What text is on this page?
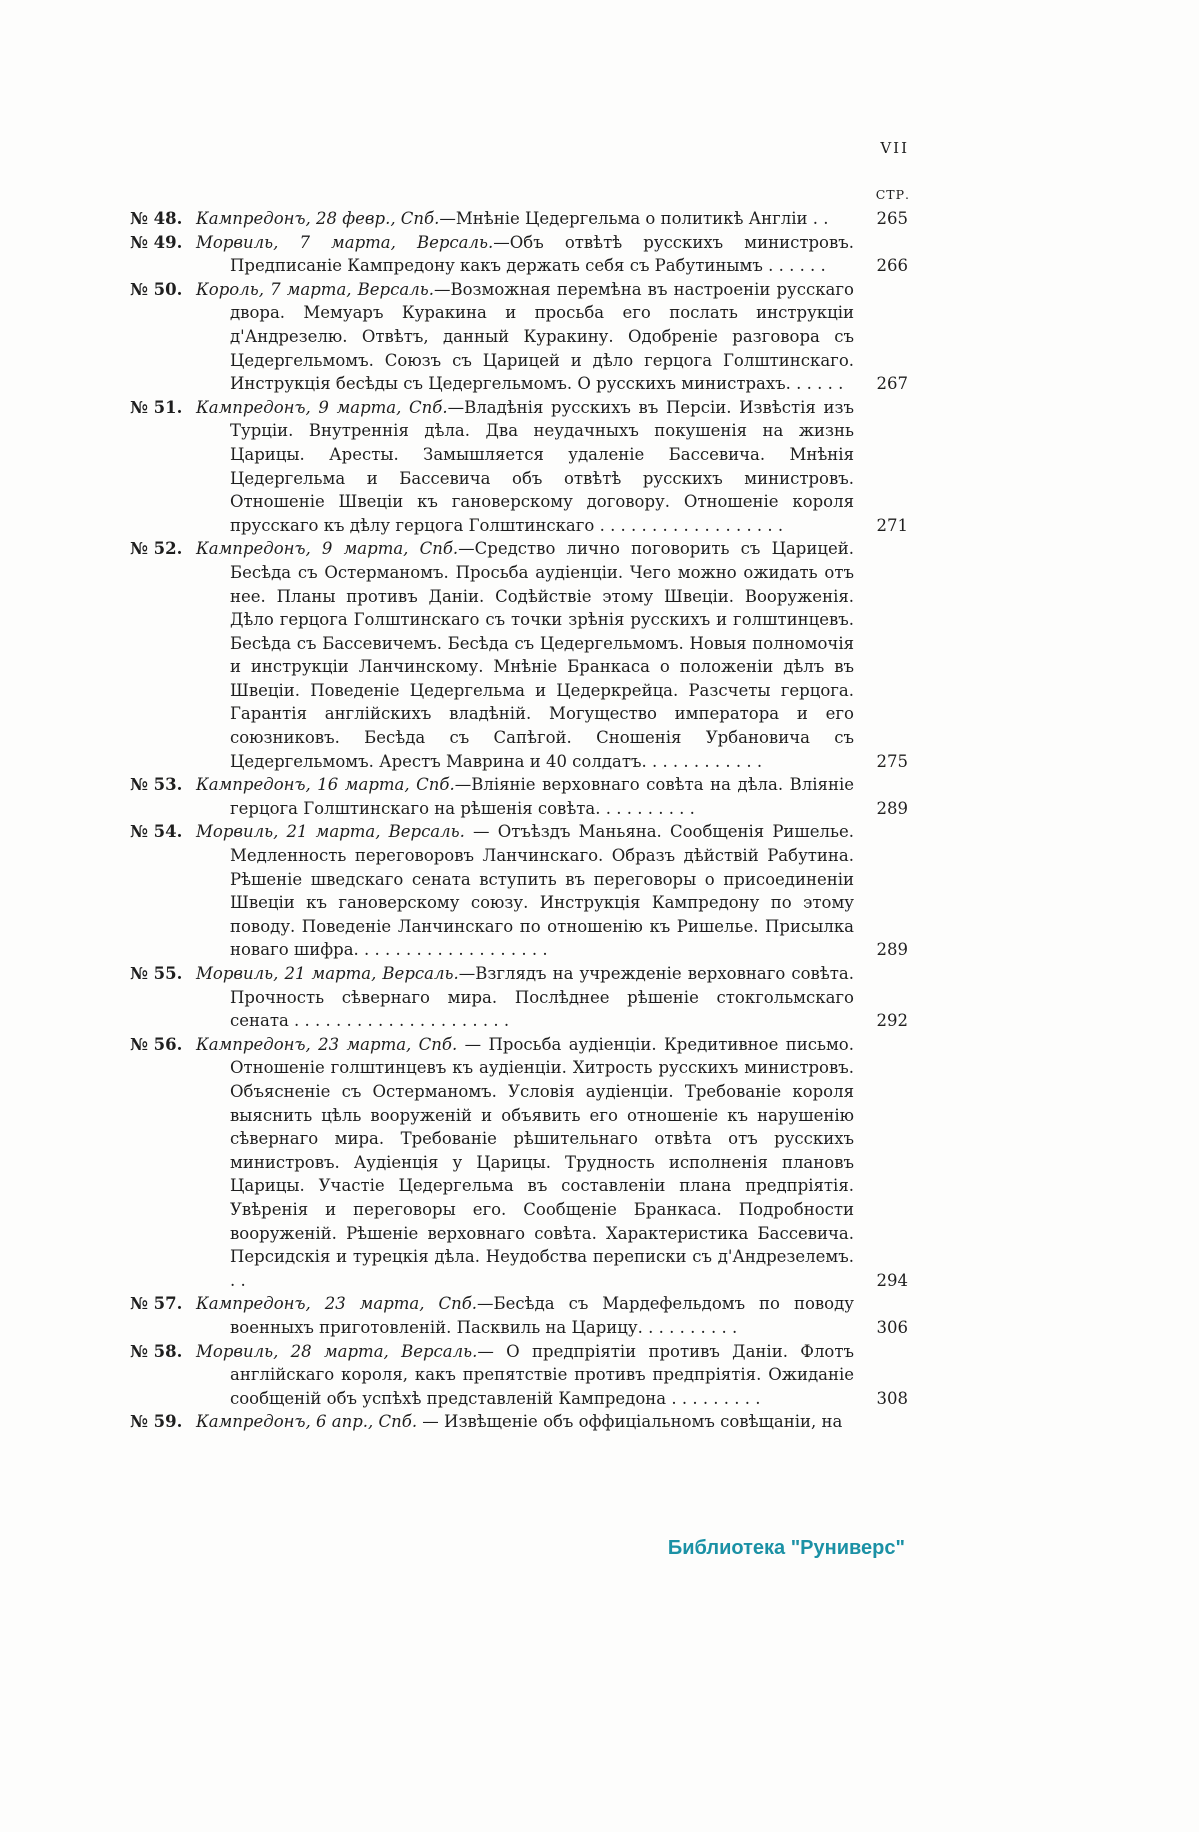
VII
СТР.
№ 48. Кампредонъ, 28 февр., Спб.—Мнѣніе Цедергельма о политикѣ Англіи . .	265
№ 49. Морвиль, 7 марта, Версаль.—Объ отвѣтѣ русскихъ министровъ. Предписаніе Кампредону какъ держать себя съ Рабутинымъ . . . . . .	266
№ 50. Король, 7 марта, Версаль.—Возможная перемѣна въ настроеніи русскаго двора. Мемуаръ Куракина и просьба его послать инструкціи д'Андрезелю. Отвѣтъ, данный Куракину. Одобреніе разговора съ Цедергельмомъ. Союзъ съ Царицей и дѣло герцога Голштинскаго. Инструкція бесѣды съ Цедергельмомъ. О русскихъ министрахъ. . . . . .	267
№ 51. Кампредонъ, 9 марта, Спб.—Владѣнія русскихъ въ Персіи. Извѣстія изъ Турціи. Внутреннія дѣла. Два неудачныхъ покушенія на жизнь Царицы. Аресты. Замышляется удаленіе Бассевича. Мнѣнія Цедергельма и Бассевича объ отвѣтѣ русскихъ министровъ. Отношеніе Швеціи къ гановерскому договору. Отношеніе короля прусскаго къ дѣлу герцога Голштинскаго . . . . . . . . . . . . . . . . . .	271
№ 52. Кампредонъ, 9 марта, Спб.—Средство лично поговорить съ Царицей. Бесѣда съ Остерманомъ. Просьба аудіенціи. Чего можно ожидать отъ нее. Планы противъ Даніи. Содѣйствіе этому Швеціи. Вооруженія. Дѣло герцога Голштинскаго съ точки зрѣнія русскихъ и голштинцевъ. Бесѣда съ Бассевичемъ. Бесѣда съ Цедергельмомъ. Новыя полномочія и инструкціи Ланчинскому. Мнѣніе Бранкаса о положеніи дѣлъ въ Швеціи. Поведеніе Цедергельма и Цедеркрейца. Разсчеты герцога. Гарантія англійскихъ владѣній. Могущество императора и его союзниковъ. Бесѣда съ Сапѣгой. Сношенія Урбановича съ Цедергельмомъ. Арестъ Маврина и 40 солдатъ. . . . . . . . . . . .	275
№ 53. Кампредонъ, 16 марта, Спб.—Вліяніе верховнаго совѣта на дѣла. Вліяніе герцога Голштинскаго на рѣшенія совѣта. . . . . . . . . .	289
№ 54. Морвиль, 21 марта, Версаль. — Отъѣздъ Маньяна. Сообщенія Ришелье. Медленность переговоровъ Ланчинскаго. Образъ дѣйствій Рабутина. Рѣшеніе шведскаго сената вступить въ переговоры о присоединеніи Швеціи къ гановерскому союзу. Инструкція Кампредону по этому поводу. Поведеніе Ланчинскаго по отношенію къ Ришелье. Присылка новаго шифра. . . . . . . . . . . . . . . . . . .	289
№ 55. Морвиль, 21 марта, Версаль.—Взглядъ на учрежденіе верховнаго совѣта. Прочность сѣвернаго мира. Послѣднее рѣшеніе стокгольмскаго сената . . . . . . . . . . . . . . . . . . . . .	292
№ 56. Кампредонъ, 23 марта, Спб. — Просьба аудіенціи. Кредитивное письмо. Отношеніе голштинцевъ къ аудіенціи. Хитрость русскихъ министровъ. Объясненіе съ Остерманомъ. Условія аудіенціи. Требованіе короля выяснить цѣль вооруженій и объявить его отношеніе къ нарушенію сѣвернаго мира. Требованіе рѣшительнаго отвѣта отъ русскихъ министровъ. Аудіенція у Царицы. Трудность исполненія плановъ Царицы. Участіе Цедергельма въ составленіи плана предпріятія. Увѣренія и переговоры его. Сообщеніе Бранкаса. Подробности вооруженій. Рѣшеніе верховнаго совѣта. Характеристика Бассевича. Персидскія и турецкія дѣла. Неудобства переписки съ д'Андрезелемъ. . .	294
№ 57. Кампредонъ, 23 марта, Спб.—Бесѣда съ Мардефельдомъ по поводу военныхъ приготовленій. Пасквиль на Царицу. . . . . . . . . .	306
№ 58. Морвиль, 28 марта, Версаль.— О предпріятіи противъ Даніи. Флотъ англійскаго короля, какъ препятствіе противъ предпріятія. Ожиданіе сообщеній объ успѣхѣ представленій Кампредона . . . . . . . . .	308
№ 59. Кампредонъ, 6 апр., Спб. — Извѣщеніе объ оффиціальномъ совѣщаніи, на
Библиотека "Руниверс"
